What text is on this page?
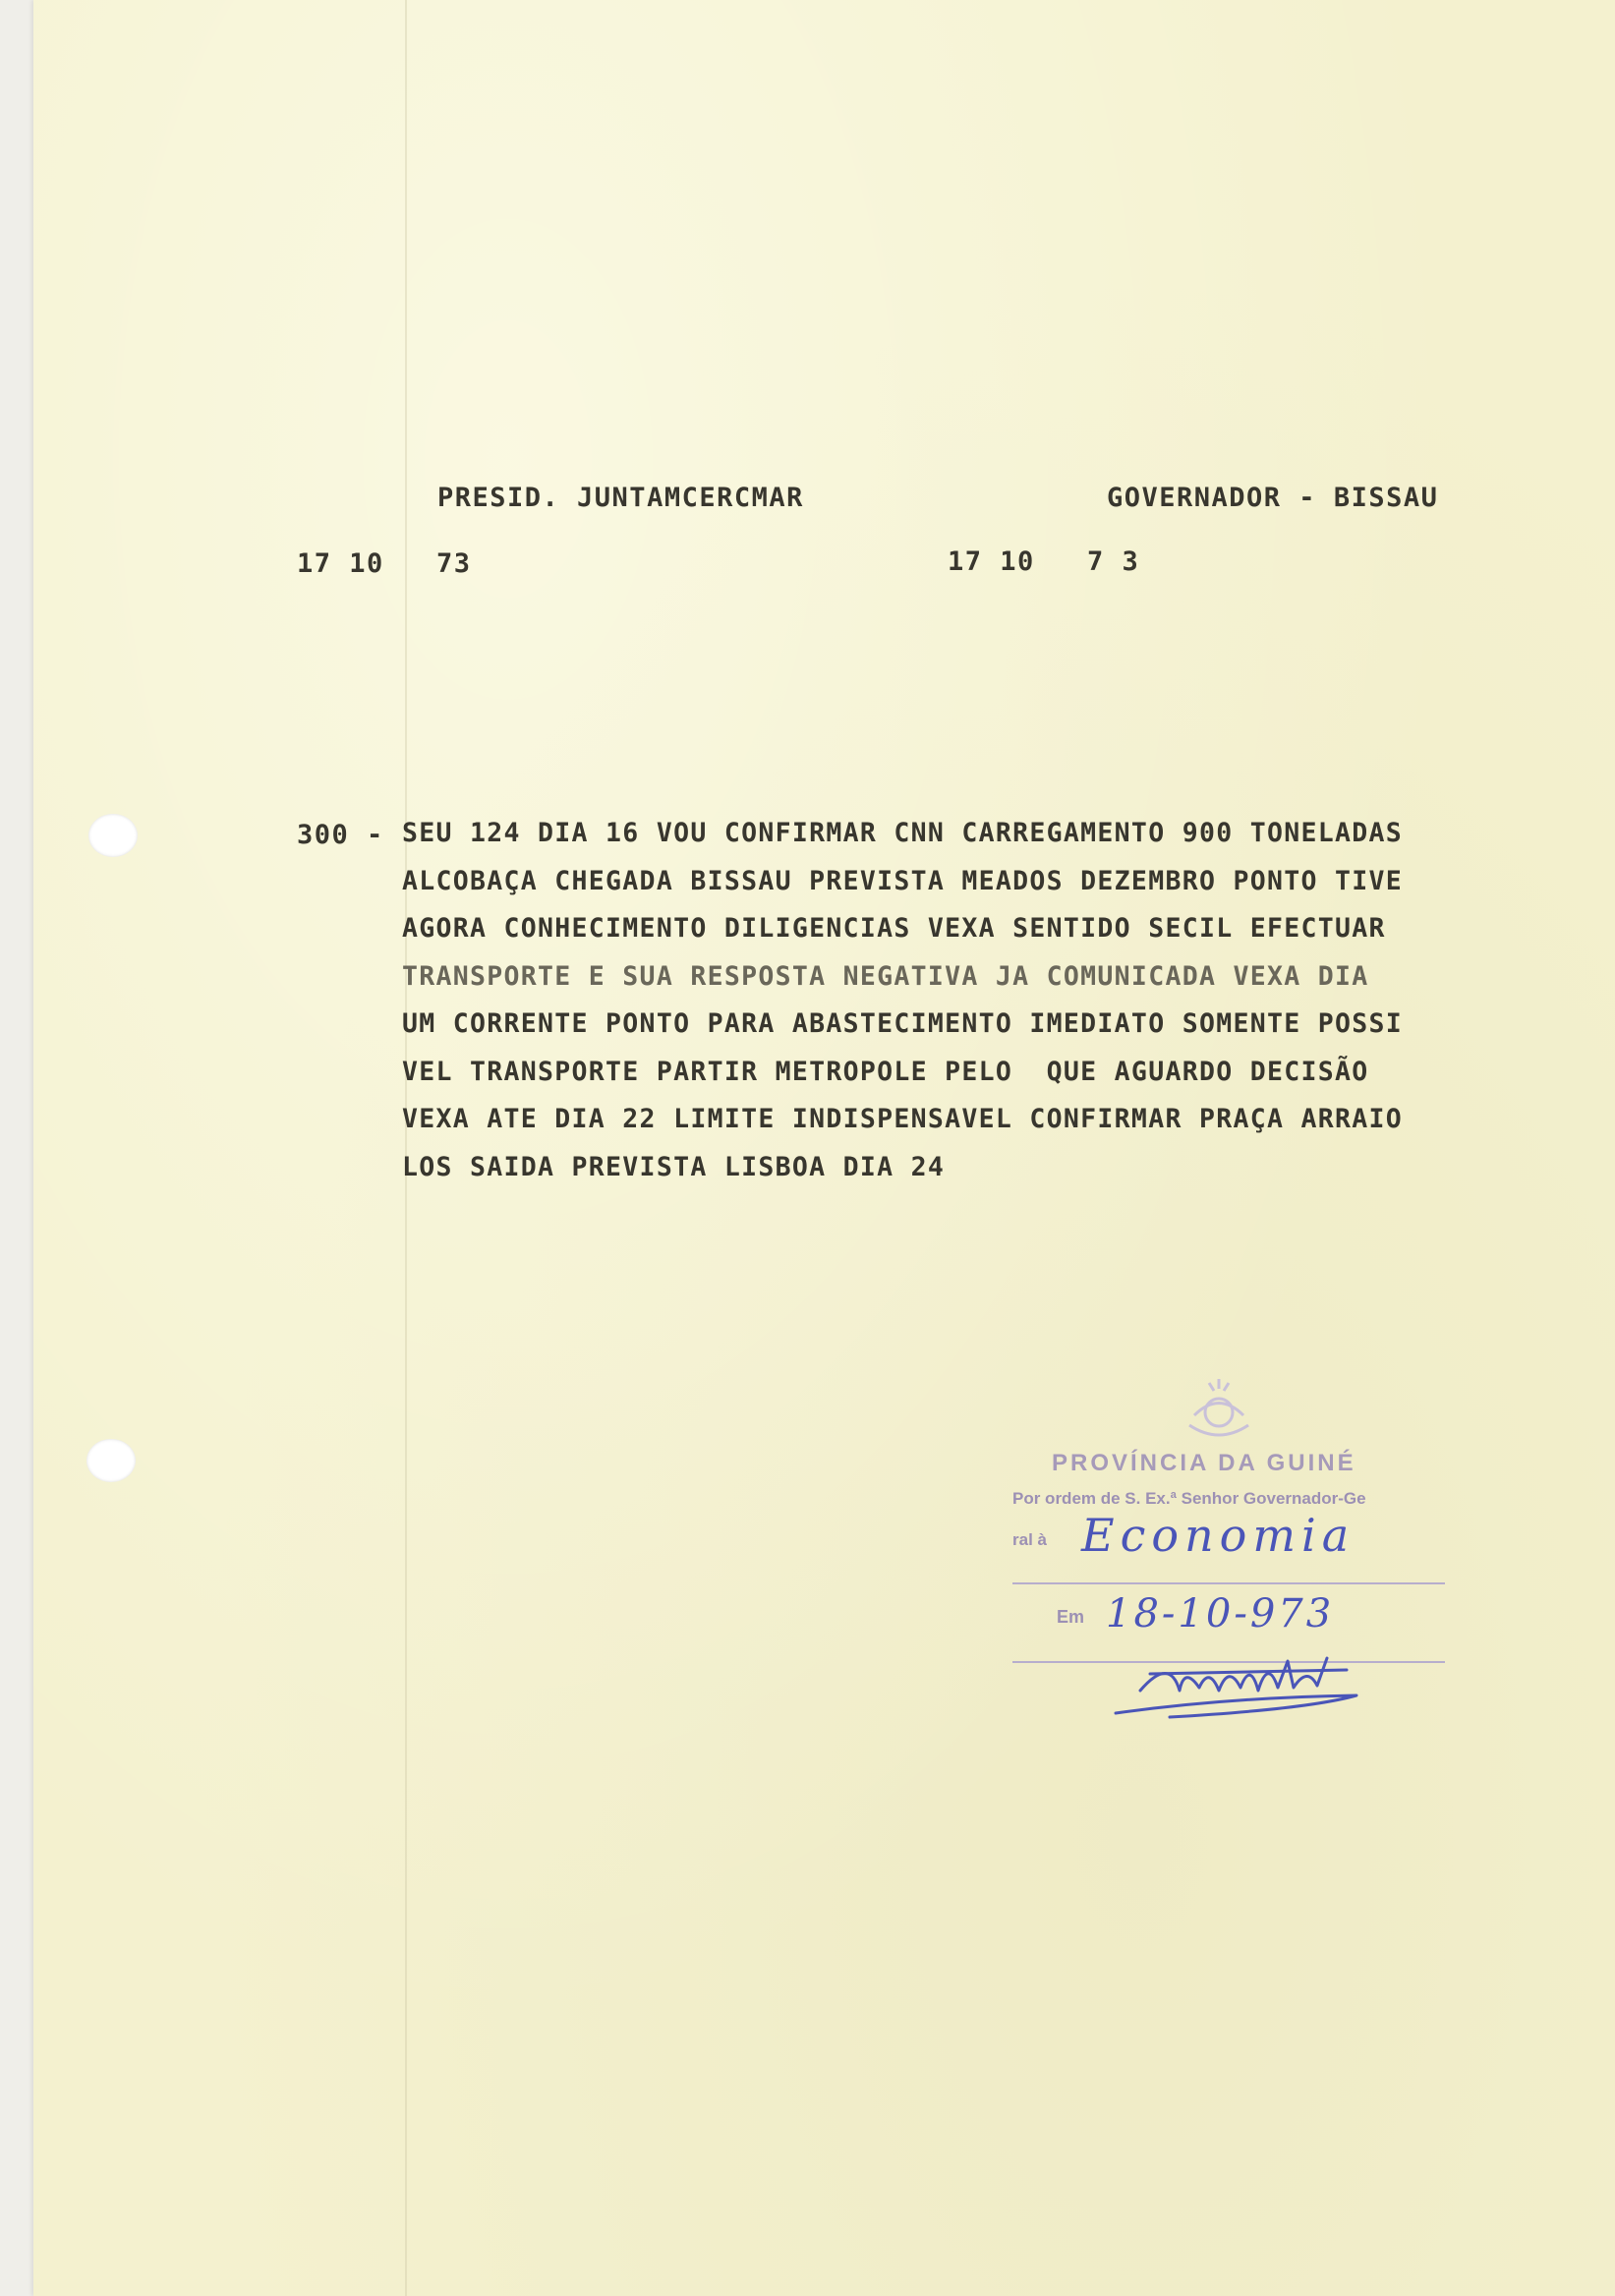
PRESID. JUNTAMCERCMAR	GOVERNADOR - BISSAU
17 10   73	17 10   7 3
300 - SEU 124 DIA 16 VOU CONFIRMAR CNN CARREGAMENTO 900 TONELADAS
ALCOBAÇA CHEGADA BISSAU PREVISTA MEADOS DEZEMBRO PONTO TIVE
AGORA CONHECIMENTO DILIGENCIAS VEXA SENTIDO SECIL EFECTUAR
TRANSPORTE E SUA RESPOSTA NEGATIVA JA COMUNICADA VEXA DIA
UM CORRENTE PONTO PARA ABASTECIMENTO IMEDIATO SOMENTE POSSI
VEL TRANSPORTE PARTIR METROPOLE PELO  QUE AGUARDO DECISÃO
VEXA ATE DIA 22 LIMITE INDISPENSAVEL CONFIRMAR PRAÇA ARRAIO
LOS SAIDA PREVISTA LISBOA DIA 24
PROVÍNCIA DA GUINÉ
Por ordem de S. Ex.ª Senhor Governador-Ge
ral à Economia
Em 18-10-973
